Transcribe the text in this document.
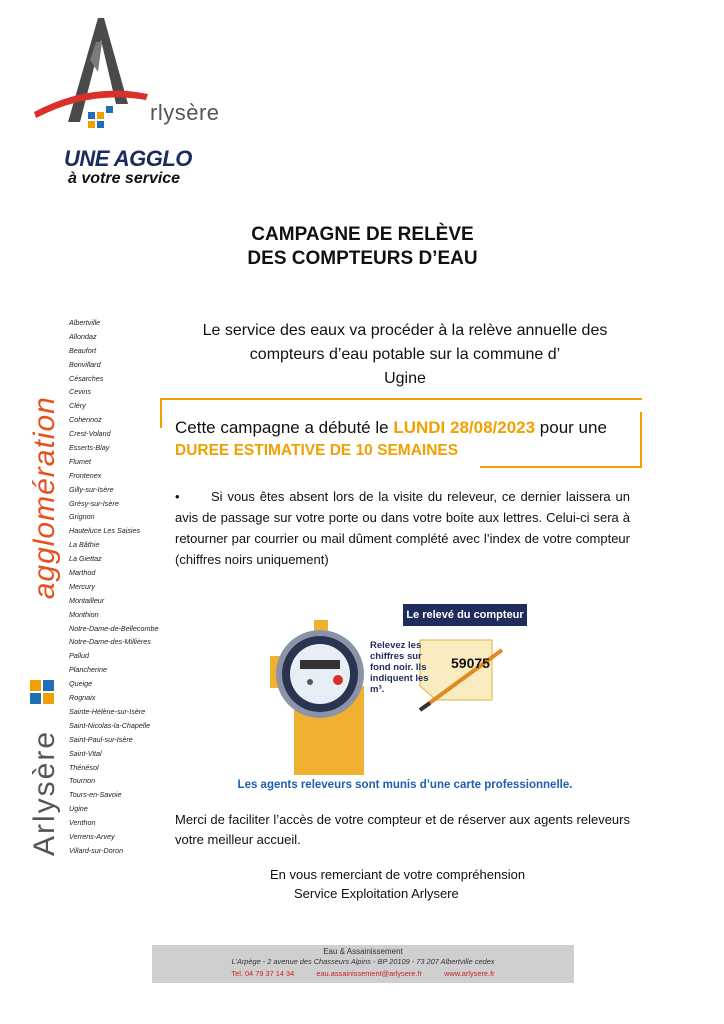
rlysère
UNE AGGLO
à votre service
CAMPAGNE DE RELÈVE
DES COMPTEURS D’EAU
Arlysère  agglomération
Albertville
Allondaz
Beaufort
Bonvillard
Césarches
Cevins
Cléry
Cohennoz
Crest-Voland
Esserts-Blay
Flumet
Frontenex
Gilly-sur-Isère
Grésy-sur-Isère
Grignon
Hauteluce Les Saisies
La Bâthie
La Giettaz
Marthod
Mercury
Montailleur
Monthion
Notre-Dame-de-Bellecombe
Notre-Dame-des-Millières
Pallud
Plancherine
Queige
Rognaix
Sainte-Hélène-sur-Isère
Saint-Nicolas-la-Chapelle
Saint-Paul-sur-Isère
Saint-Vital
Thénésol
Tournon
Tours-en-Savoie
Ugine
Venthon
Verrens-Arvey
Villard-sur-Doron
Le service des eaux va procéder à la relève annuelle des
compteurs d’eau potable sur la commune d’
Ugine
Cette campagne a débuté le LUNDI 28/08/2023 pour une
DUREE ESTIMATIVE DE 10 SEMAINES
• Si vous êtes absent lors de la visite du releveur, ce dernier laissera un avis de passage sur votre porte ou dans votre boite aux lettres. Celui-ci sera à retourner par courrier ou mail dûment complété avec l’index de votre compteur (chiffres noirs uniquement)
Le relevé du compteur
Relevez les chiffres sur fond noir. Ils indiquent les m³.
59075
Les agents releveurs sont munis d’une carte professionnelle.
Merci de faciliter l’accès de votre compteur et de réserver aux agents releveurs votre meilleur accueil.
En vous remerciant de votre compréhension
Service Exploitation Arlysere
Eau & Assainissement
L’Arpège - 2 avenue des Chasseurs Alpins - BP 20109 - 73 207 Albertville cedex
Tel. 04 79 37 14 34	eau.assainissement@arlysere.fr	www.arlysere.fr
